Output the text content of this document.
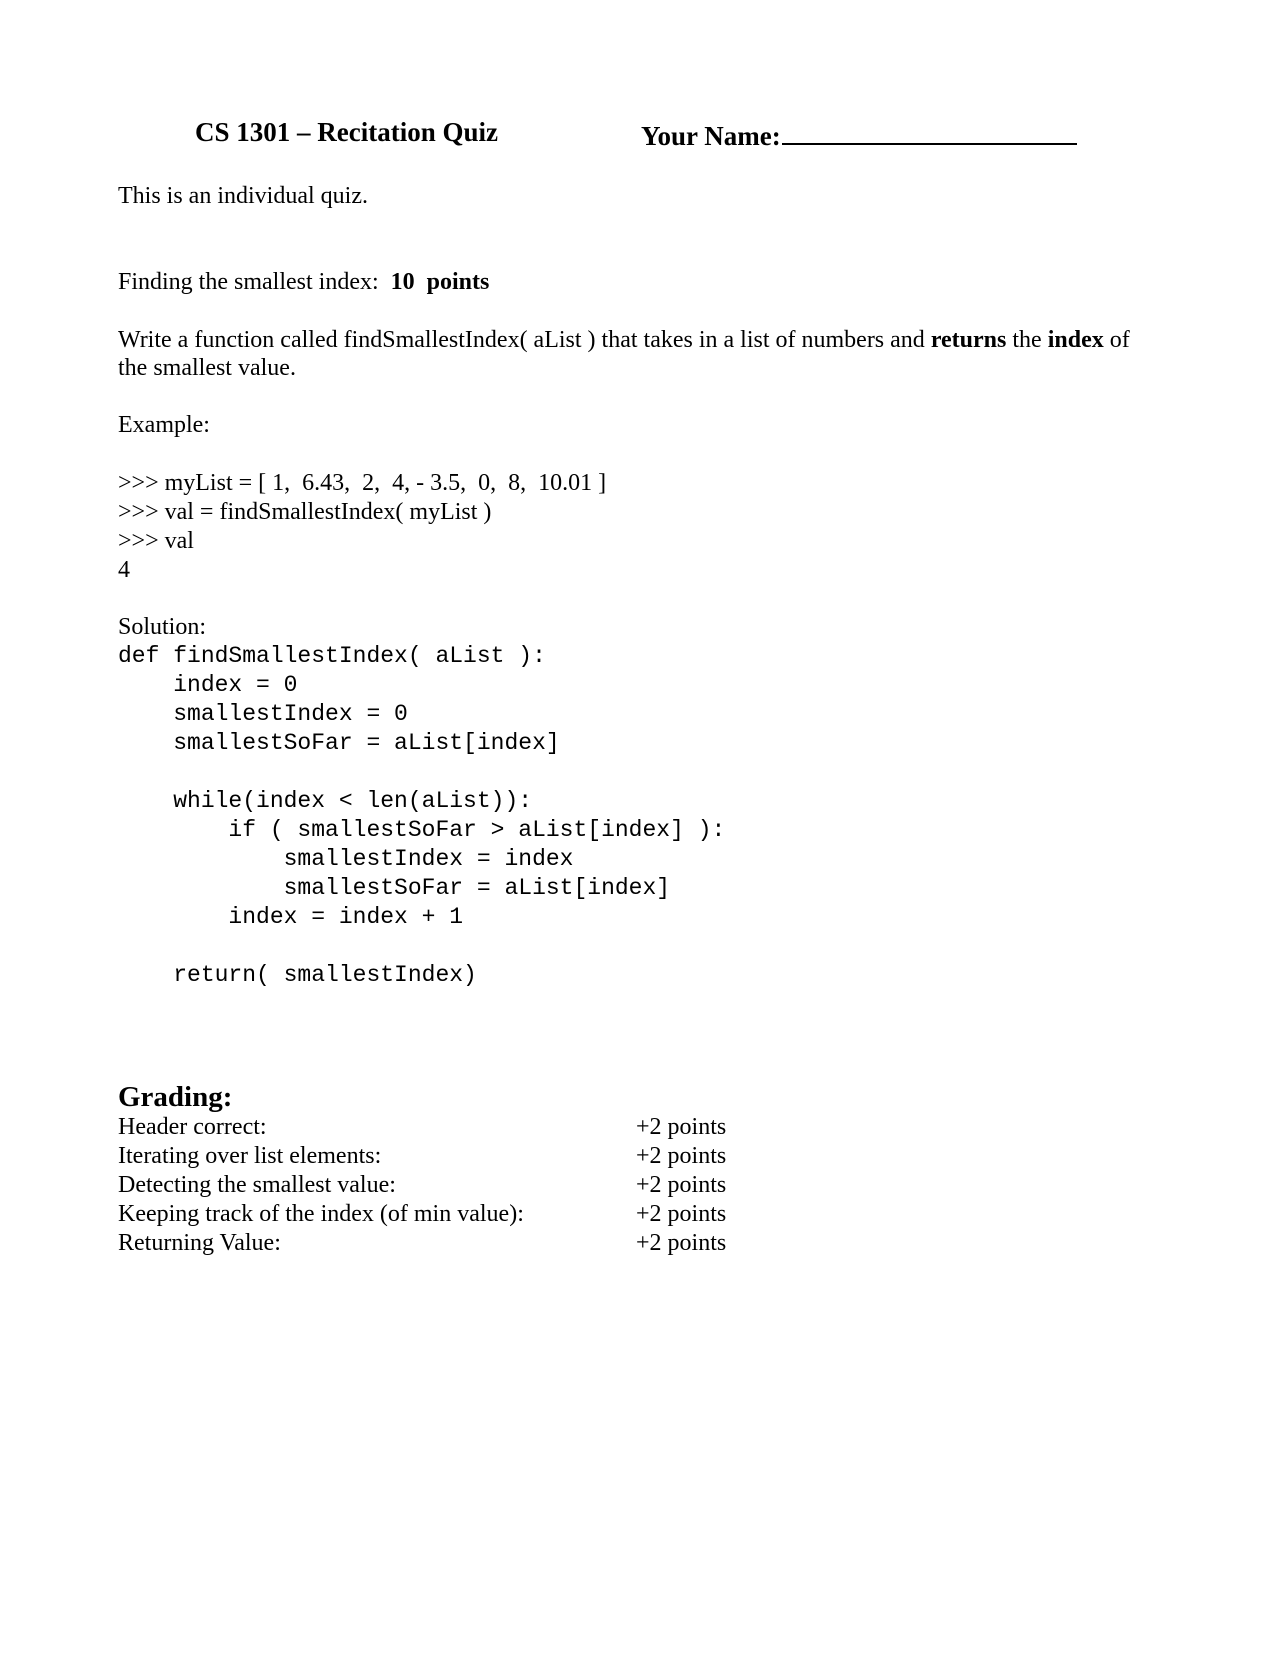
CS 1301 – Recitation Quiz	Your Name:
This is an individual quiz.
Finding the smallest index: 10  points
Write a function called findSmallestIndex( aList ) that takes in a list of numbers and returns the index of the smallest value.
Example:
>>> myList = [ 1,  6.43,  2,  4, - 3.5,  0,  8,  10.01 ]
>>> val = findSmallestIndex( myList )
>>> val
4
Solution:
def findSmallestIndex( aList ):
index = 0
smallestIndex = 0
smallestSoFar = aList[index]
while(index < len(aList)):
if ( smallestSoFar > aList[index] ):
smallestIndex = index
smallestSoFar = aList[index]
index = index + 1
return( smallestIndex)
Grading:
Header correct:	+2 points
Iterating over list elements:	+2 points
Detecting the smallest value:	+2 points
Keeping track of the index (of min value):	+2 points
Returning Value:	+2 points
